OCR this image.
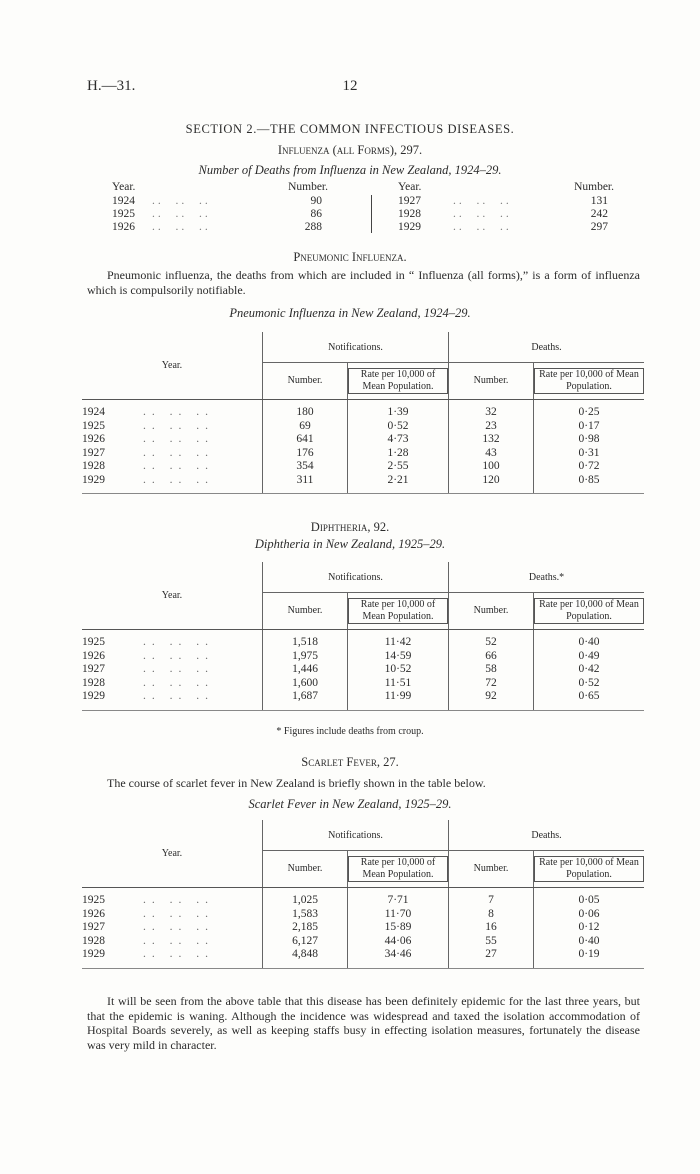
H.—31.	12
SECTION 2.—THE COMMON INFECTIOUS DISEASES.
Influenza (all Forms), 297.
Number of Deaths from Influenza in New Zealand, 1924–29.
Year.	Number.
1924 ..  ..  ..	90
1925 ..  ..  ..	86
1926 ..  ..  ..	288
Year.	Number.
1927	..  ..  ..	131
1928	..  ..  ..	242
1929	..  ..  ..	297
Pneumonic Influenza.
Pneumonic influenza, the deaths from which are included in “ Influenza (all forms),” is a form of influenza which is compulsorily notifiable.
Pneumonic Influenza in New Zealand, 1924–29.
Year.	Notifications.		Deaths.	
	Number.	Rate per 10,000 of Mean Population.	Number.	Rate per 10,000 of Mean Population.

1924 .. .. ..	180	1·39	32	0·25
1925 .. .. ..	69	0·52	23	0·17
1926 .. .. ..	641	4·73	132	0·98
1927 .. .. ..	176	1·28	43	0·31
1928 .. .. ..	354	2·55	100	0·72
1929 .. .. ..	311	2·21	120	0·85

Diphtheria, 92.
Diphtheria in New Zealand, 1925–29.
Year.	Notifications.		Deaths.*	
	Number.	Rate per 10,000 of Mean Population.	Number.	Rate per 10,000 of Mean Population.

1925 .. .. ..	1,518	11·42	52	0·40
1926 .. .. ..	1,975	14·59	66	0·49
1927 .. .. ..	1,446	10·52	58	0·42
1928 .. .. ..	1,600	11·51	72	0·52
1929 .. .. ..	1,687	11·99	92	0·65

* Figures include deaths from croup.
Scarlet Fever, 27.
The course of scarlet fever in New Zealand is briefly shown in the table below.
Scarlet Fever in New Zealand, 1925–29.
Year.	Notifications.		Deaths.	
	Number.	Rate per 10,000 of Mean Population.	Number.	Rate per 10,000 of Mean Population.

1925 .. .. ..	1,025	7·71	7	0·05
1926 .. .. ..	1,583	11·70	8	0·06
1927 .. .. ..	2,185	15·89	16	0·12
1928 .. .. ..	6,127	44·06	55	0·40
1929 .. .. ..	4,848	34·46	27	0·19

It will be seen from the above table that this disease has been definitely epidemic for the last three years, but that the epidemic is waning. Although the incidence was widespread and taxed the isolation accommodation of Hospital Boards severely, as well as keeping staffs busy in effecting isolation measures, fortunately the disease was very mild in character.
